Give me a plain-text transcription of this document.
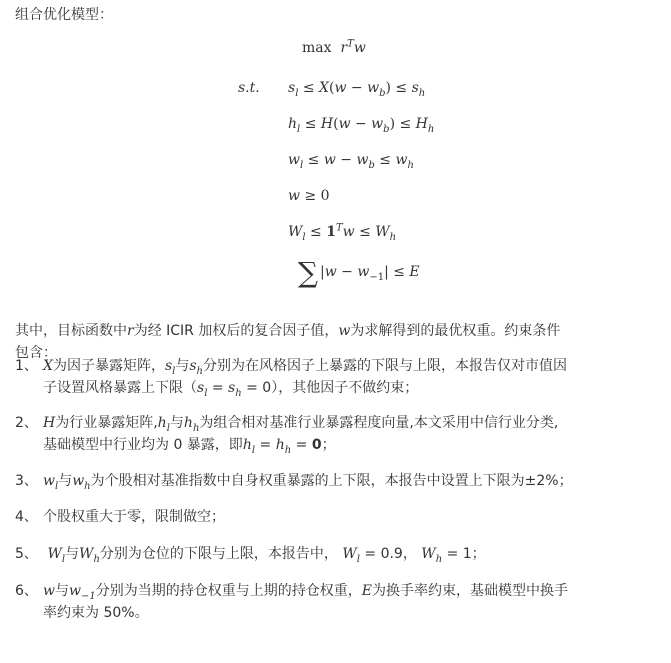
组合优化模型：
$\max r^Tw$
s.t. $s_l \le X(w - w_b) \le s_h$
$h_l \le H(w - w_b) \le H_h$
$w_l \le w - w_b \le w_h$
w ≥ 0
$W_l \le 1^Tw \le W_h$
∑ $|w - w_{-1}| \le E$
其中，目标函数中r为经 ICIR 加权后的复合因子值，w为求解得到的最优权重。约束条件
包含：
1、 X为因子暴露矩阵，$s_l$与$s_h$分别为在风格因子上暴露的下限与上限，本报告仅对市值因
子设置风格暴露上下限$(s_l = s_h = 0)$，其他因子不做约束；
2、 H为行业暴露矩阵$,h_l$与$h_h$为组合相对基准行业暴露程度向量,本文采用中信行业分类,
基础模型中行业均为 0 暴露，即$h_l = h_h = 0$；
3、 $w_l$与$w_h$为个股相对基准指数中自身权重暴露的上下限，本报告中设置上下限为±2%；
4、 个股权重大于零，限制做空；
5、 $W_l$与$W_h$分别为仓位的下限与上限，本报告中， $W_l = 0.9$， $W_h = 1$；
6、 w与$w_{-1}$分别为当期的持仓权重与上期的持仓权重，E为换手率约束，基础模型中换手
率约束为 50%。
